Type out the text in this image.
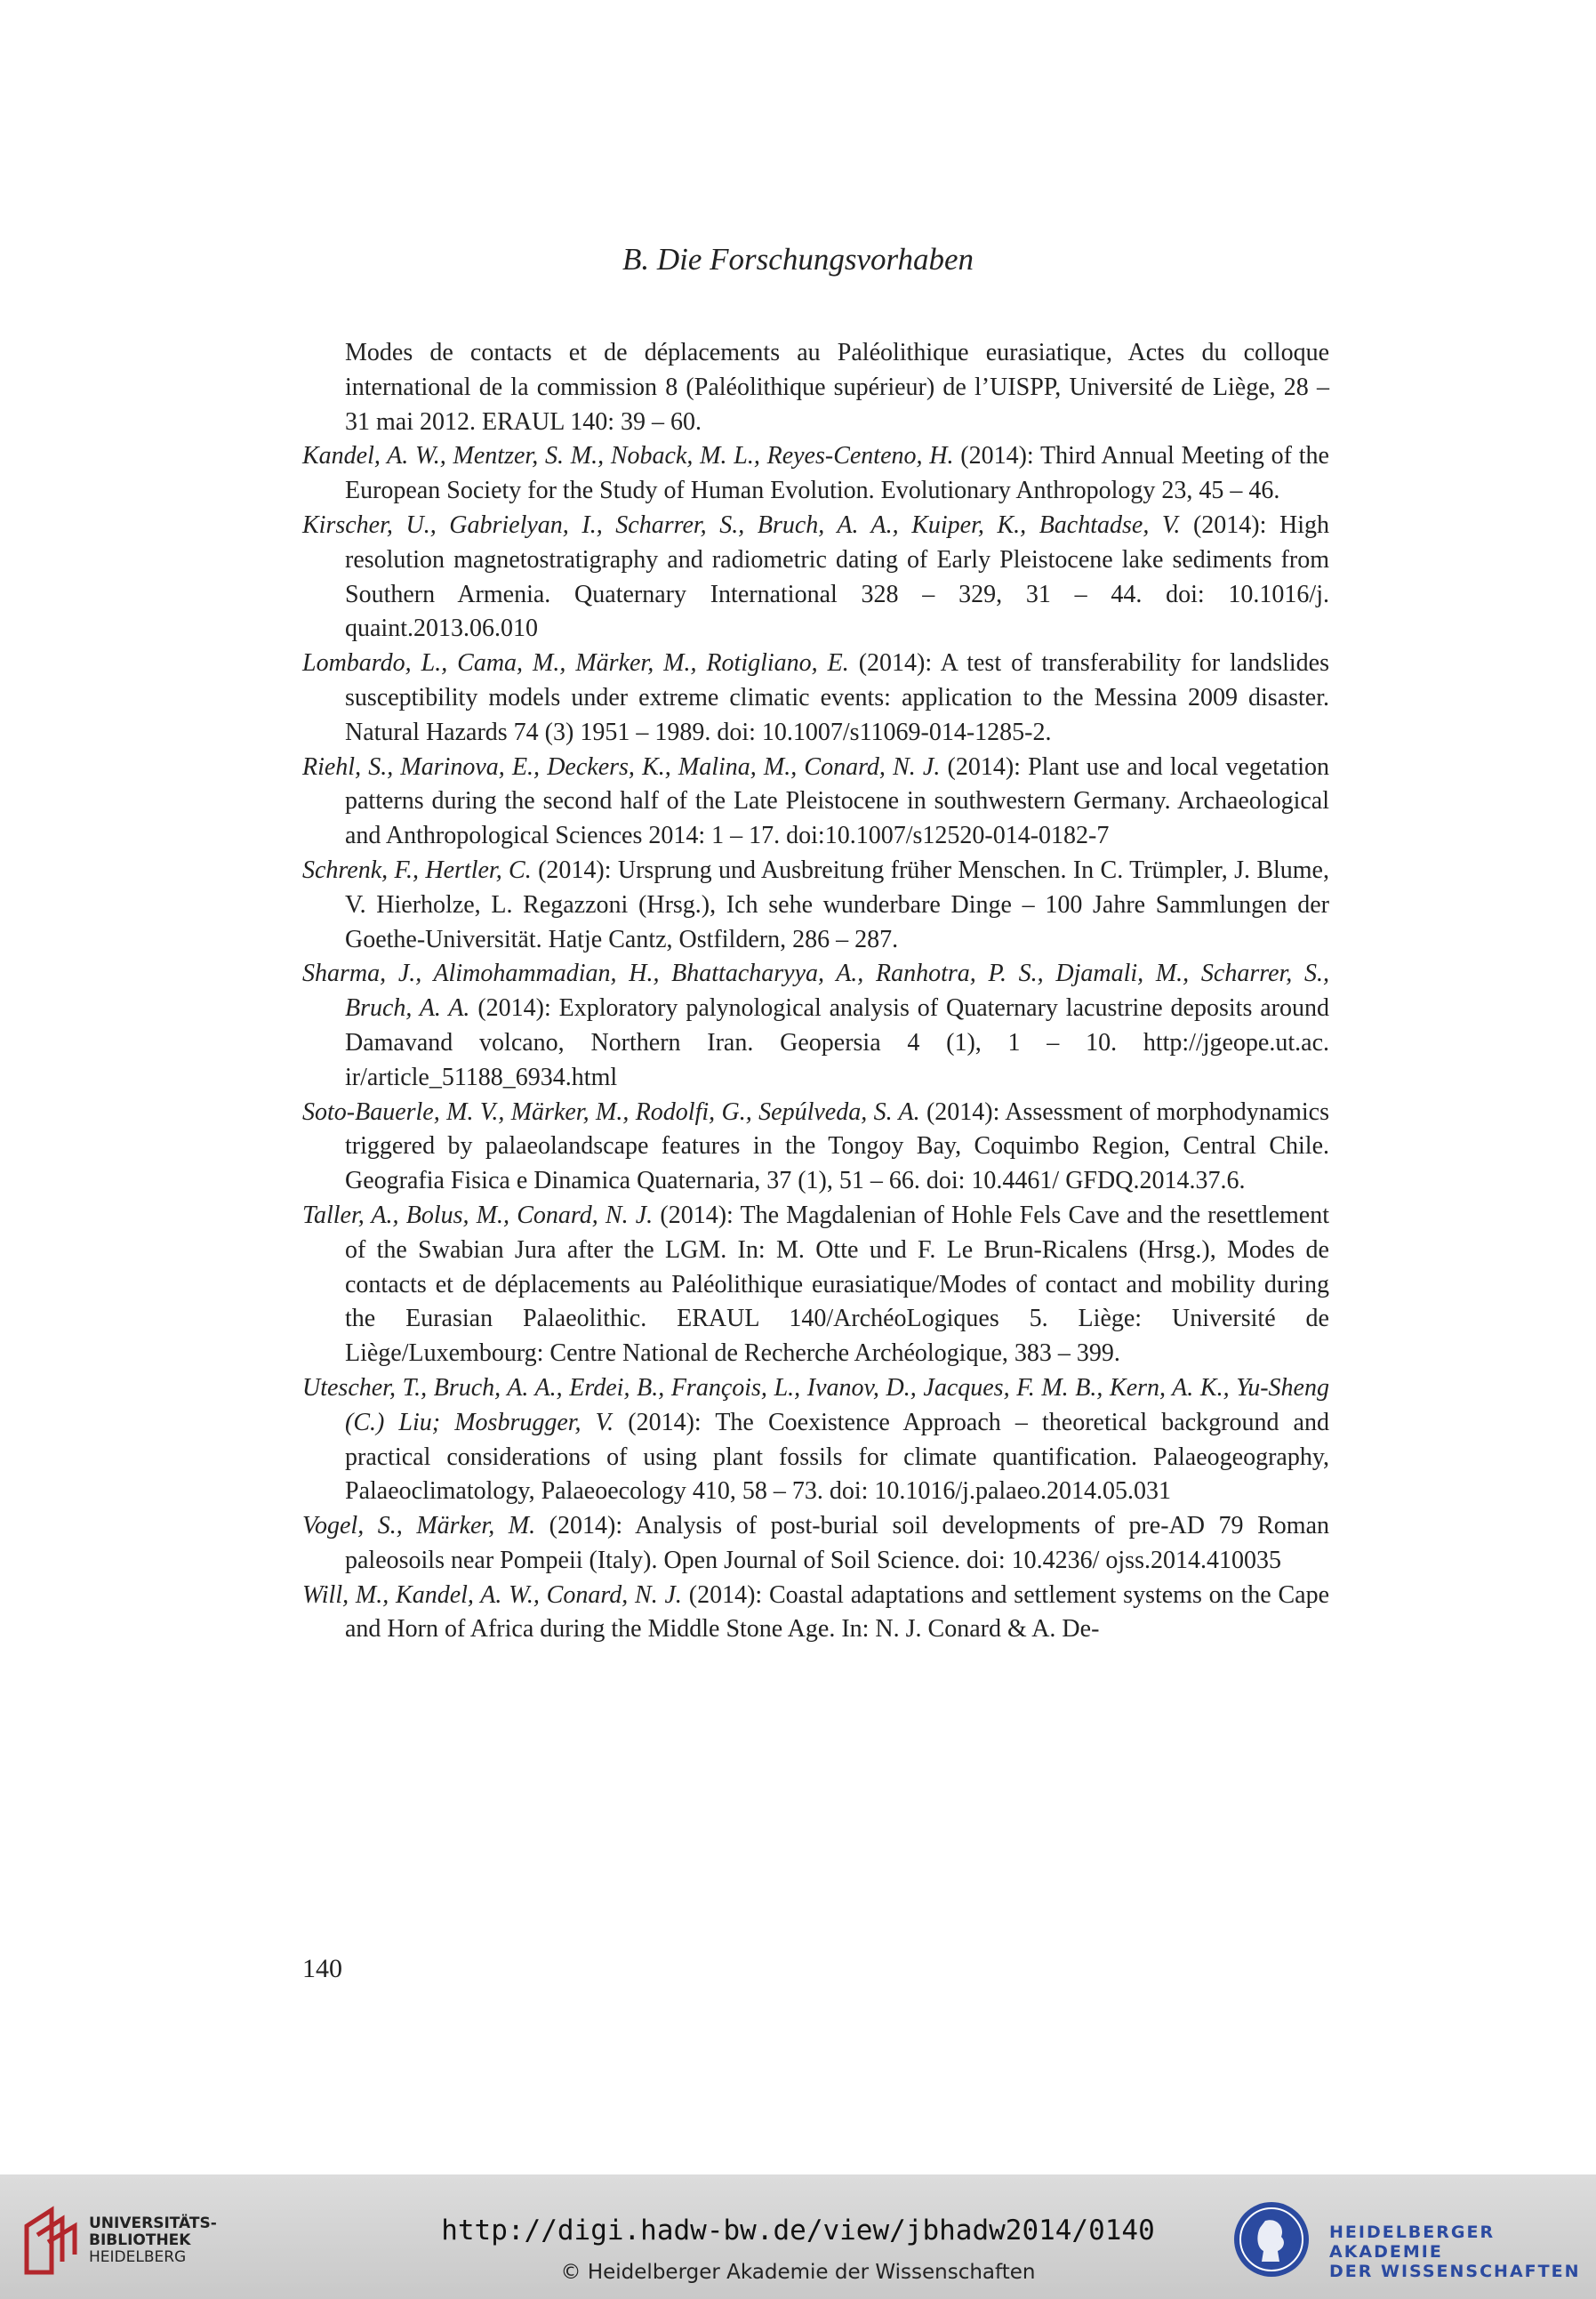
B. Die Forschungsvorhaben

Modes de contacts et de déplacements au Paléolithique eurasiatique, Actes du colloque international de la commission 8 (Paléolithique supérieur) de l’UISPP, Université de Liège, 28 – 31 mai 2012. ERAUL 140: 39 – 60.

Kandel, A. W., Mentzer, S. M., Noback, M. L., Reyes-Centeno, H. (2014): Third Annual Meeting of the European Society for the Study of Human Evolution. Evolutionary Anthropology 23, 45 – 46.

Kirscher, U., Gabrielyan, I., Scharrer, S., Bruch, A. A., Kuiper, K., Bachtadse, V. (2014): High resolution magnetostratigraphy and radiometric dating of Early Pleistocene lake sediments from Southern Armenia. Quaternary International 328 – 329, 31 – 44. doi: 10.1016/j. quaint.2013.06.010

Lombardo, L., Cama, M., Märker, M., Rotigliano, E. (2014): A test of transferability for landslides susceptibility models under extreme climatic events: application to the Messina 2009 disaster. Natural Hazards 74 (3) 1951 – 1989. doi: 10.1007/s11069-014-1285-2.

Riehl, S., Marinova, E., Deckers, K., Malina, M., Conard, N. J. (2014): Plant use and local vegetation patterns during the second half of the Late Pleistocene in southwestern Germany. Archaeological and Anthropological Sciences 2014: 1 – 17. doi:10.1007/s12520-014-0182-7

Schrenk, F., Hertler, C. (2014): Ursprung und Ausbreitung früher Menschen. In C. Trümpler, J. Blume, V. Hierholze, L. Regazzoni (Hrsg.), Ich sehe wunderbare Dinge – 100 Jahre Sammlungen der Goethe-Universität. Hatje Cantz, Ostfildern, 286 – 287.

Sharma, J., Alimohammadian, H., Bhattacharyya, A., Ranhotra, P. S., Djamali, M., Scharrer, S., Bruch, A. A. (2014): Exploratory palynological analysis of Quaternary lacustrine deposits around Damavand volcano, Northern Iran. Geopersia 4 (1), 1 – 10. http://jgeope.ut.ac. ir/article_51188_6934.html

Soto-Bauerle, M. V., Märker, M., Rodolfi, G., Sepúlveda, S. A. (2014): Assessment of morphodynamics triggered by palaeolandscape features in the Tongoy Bay, Coquimbo Region, Central Chile. Geografia Fisica e Dinamica Quaternaria, 37 (1), 51 – 66. doi: 10.4461/ GFDQ.2014.37.6.

Taller, A., Bolus, M., Conard, N. J. (2014): The Magdalenian of Hohle Fels Cave and the resettlement of the Swabian Jura after the LGM. In: M. Otte und F. Le Brun-Ricalens (Hrsg.), Modes de contacts et de déplacements au Paléolithique eurasiatique/Modes of contact and mobility during the Eurasian Palaeolithic. ERAUL 140/ArchéoLogiques 5. Liège: Université de Liège/Luxembourg: Centre National de Recherche Archéologique, 383 – 399.

Utescher, T., Bruch, A. A., Erdei, B., François, L., Ivanov, D., Jacques, F. M. B., Kern, A. K., Yu-Sheng (C.) Liu; Mosbrugger, V. (2014): The Coexistence Approach – theoretical background and practical considerations of using plant fossils for climate quantification. Palaeogeography, Palaeoclimatology, Palaeoecology 410, 58 – 73. doi: 10.1016/j.palaeo.2014.05.031

Vogel, S., Märker, M. (2014): Analysis of post-burial soil developments of pre-AD 79 Roman paleosoils near Pompeii (Italy). Open Journal of Soil Science. doi: 10.4236/ ojss.2014.410035

Will, M., Kandel, A. W., Conard, N. J. (2014): Coastal adaptations and settlement systems on the Cape and Horn of Africa during the Middle Stone Age. In: N. J. Conard & A. De-

140
UNIVERSITÄTS-
BIBLIOTHEK
HEIDELBERG
http://digi.hadw-bw.de/view/jbhadw2014/0140
© Heidelberger Akademie der Wissenschaften
HEIDELBERGER AKADEMIE
DER WISSENSCHAFTEN
